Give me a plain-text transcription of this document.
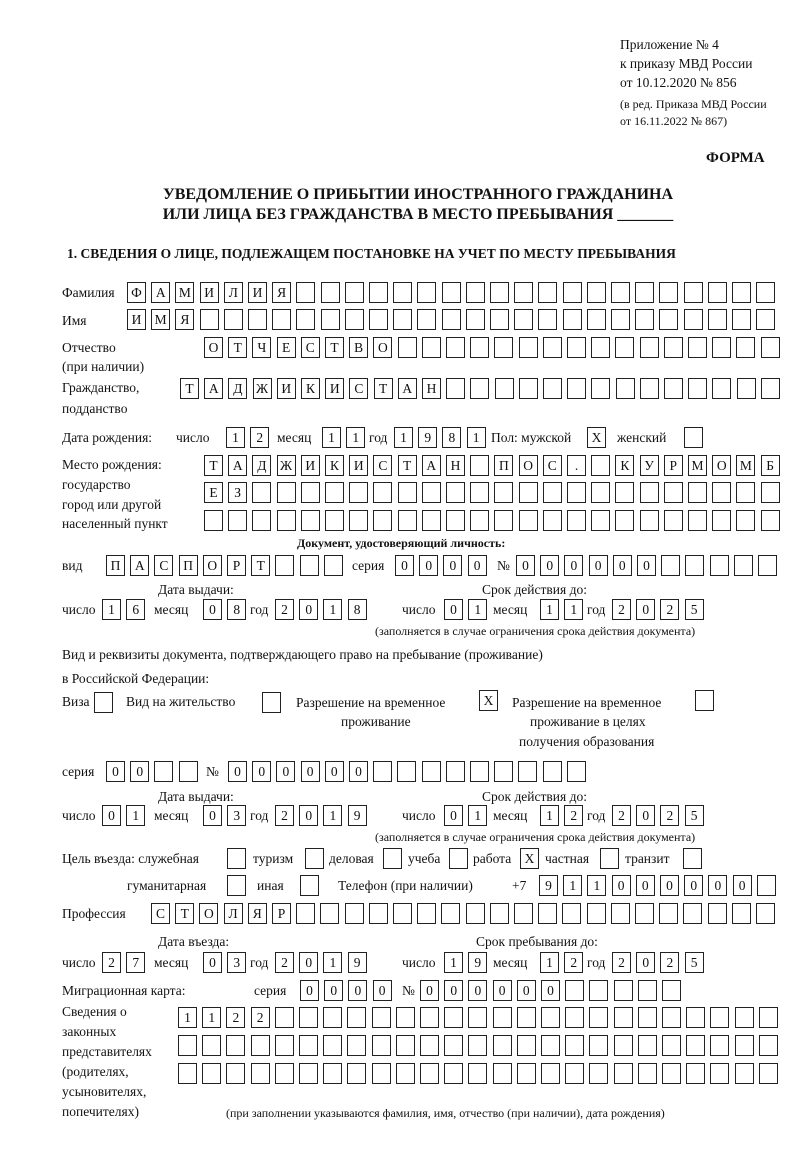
Приложение № 4
к приказу МВД России
от 10.12.2020 № 856
(в ред. Приказа МВД России
от 16.11.2022 № 867)
ФОРМА
УВЕДОМЛЕНИЕ О ПРИБЫТИИ ИНОСТРАННОГО ГРАЖДАНИНА
ИЛИ ЛИЦА БЕЗ ГРАЖДАНСТВА В МЕСТО ПРЕБЫВАНИЯ _______
1. СВЕДЕНИЯ О ЛИЦЕ, ПОДЛЕЖАЩЕМ ПОСТАНОВКЕ НА УЧЕТ ПО МЕСТУ ПРЕБЫВАНИЯ
Фамилия	Ф	А М И	Л	И	Я
Имя	И М	Я
Отчество
(при наличии)
О	Т	Ч	Е	С	Т	В	О
Гражданство,
подданство
Т	А	Д	Ж И	К	И	С	Т	А	Н
Дата рождения: число	1	2	месяц	1	1 год 1	9	8	1 Пол: мужской	X	женский
Место рождения:
государство
город или другой
населенный пункт
Т	А	Д	Ж И	К	И	С	Т	А	Н	П	О	С	.	К	У	Р	М О М	Б
Е	З
Документ, удостоверяющий личность:
вид	П	А	С	П	О	Р	Т	серия	0	0	0	0	№ 0	0	0	0	0	0
Дата выдачи:	Срок действия до:
число 1	6	месяц	0	8 год 2	0	1	8	число	0	1 месяц	1	1 год 2	0	2	5
(заполняется в случае ограничения срока действия документа)
Вид и реквизиты документа, подтверждающего право на пребывание (проживание)
в Российской Федерации:
Виза	Вид на жительство	Разрешение на временное
проживание
X	Разрешение на временное
проживание в целях
получения образования
серия	0	0	№	0	0	0	0	0	0
Дата выдачи:	Срок действия до:
число 0	1	месяц	0	3 год 2	0	1	9	число	0	1 месяц	1	2 год 2	0	2	5
(заполняется в случае ограничения срока действия документа)
Цель въезда: служебная	туризм	деловая	учеба работа X частная	транзит
гуманитарная	иная	Телефон (при наличии)	+7	9	1	1	0	0	0	0	0	0
Профессия	С	Т	О	Л	Я	Р
Дата въезда:	Срок пребывания до:
число 2	7	месяц	0	3 год 2	0	1	9	число	1	9 месяц	1	2 год 2	0	2	5
Миграционная карта:	серия	0	0	0	0	№ 0	0	0	0	0	0
Сведения о
законных
представителях
(родителях,
усыновителях,
попечителях)
1	1	2	2
(при заполнении указываются фамилия, имя, отчество (при наличии), дата рождения)
